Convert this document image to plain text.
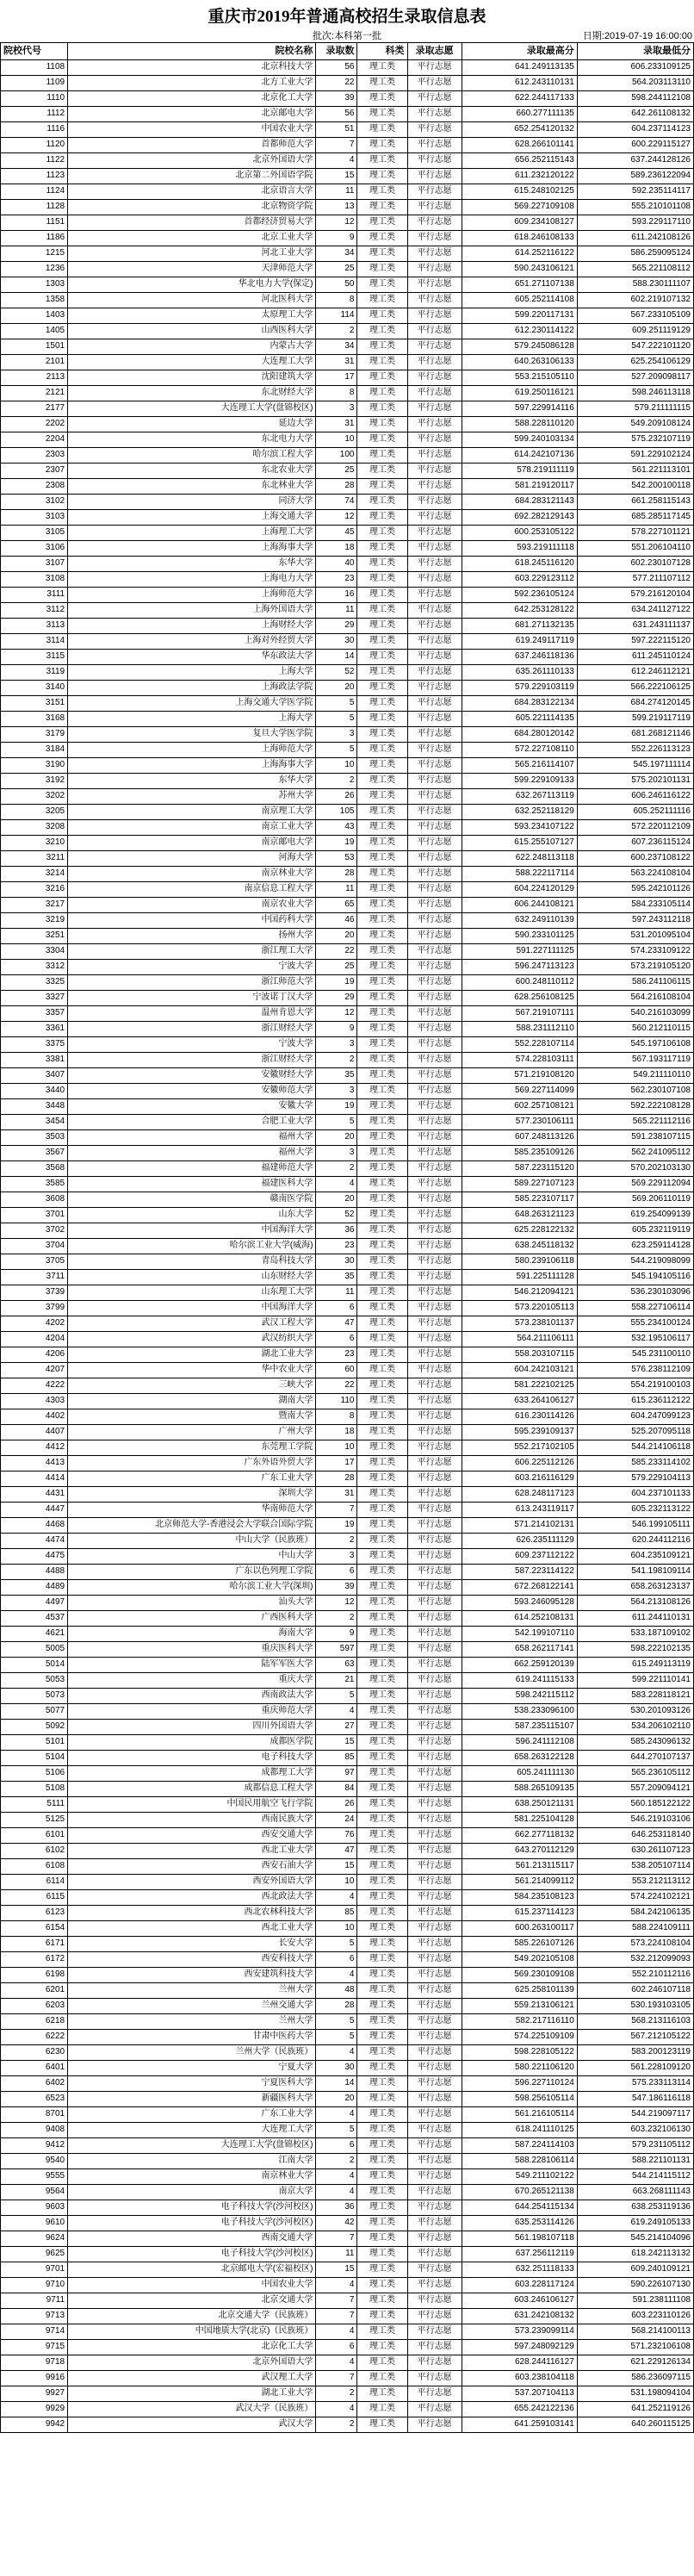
重庆市2019年普通高校招生录取信息表
批次:本科第一批	日期:2019-07-19 16:00:00
院校代号	院校名称	录取数	科类	录取志愿	录取最高分	录取最低分
1108	北京科技大学	56	理工类	平行志愿	641.249113135	606.233109125
1109	北方工业大学	22	理工类	平行志愿	612.243110131	564.203113110
1110	北京化工大学	39	理工类	平行志愿	622.244117133	598.244112108
1112	北京邮电大学	56	理工类	平行志愿	660.277111135	642.261108132
1116	中国农业大学	51	理工类	平行志愿	652.254120132	604.237114123
1120	首都师范大学	7	理工类	平行志愿	628.266101141	600.229115127
1122	北京外国语大学	4	理工类	平行志愿	656.252115143	637.244128126
1123	北京第二外国语学院	15	理工类	平行志愿	611.232120122	589.236122094
1124	北京语言大学	11	理工类	平行志愿	615.248102125	592.235114117
1128	北京物资学院	13	理工类	平行志愿	569.227109108	555.210101108
1151	首都经济贸易大学	12	理工类	平行志愿	609.234108127	593.229117110
1186	北京工业大学	9	理工类	平行志愿	618.246108133	611.242108126
1215	河北工业大学	34	理工类	平行志愿	614.252116122	586.259095124
1236	天津师范大学	25	理工类	平行志愿	590.243106121	565.221108112
1303	华北电力大学(保定)	50	理工类	平行志愿	651.271107138	588.230111107
1358	河北医科大学	8	理工类	平行志愿	605.252114108	602.219107132
1403	太原理工大学	114	理工类	平行志愿	599.220117131	567.233105109
1405	山西医科大学	2	理工类	平行志愿	612.230114122	609.251119129
1501	内蒙古大学	34	理工类	平行志愿	579.245086128	547.222101120
2101	大连理工大学	31	理工类	平行志愿	640.263106133	625.254106129
2113	沈阳建筑大学	17	理工类	平行志愿	553.215105110	527.209098117
2121	东北财经大学	8	理工类	平行志愿	619.250116121	598.246113118
2177	大连理工大学(盘锦校区)	3	理工类	平行志愿	597.229914116	579.211111115
2202	延边大学	31	理工类	平行志愿	588.228110120	549.209108124
2204	东北电力大学	10	理工类	平行志愿	599.240103134	575.232107119
2303	哈尔滨工程大学	100	理工类	平行志愿	614.242107136	591.229102124
2307	东北农业大学	25	理工类	平行志愿	578.219111119	561.221113101
2308	东北林业大学	28	理工类	平行志愿	581.219120117	542.200100118
3102	同济大学	74	理工类	平行志愿	684.283121143	661.258115143
3103	上海交通大学	12	理工类	平行志愿	692.282129143	685.285117145
3105	上海理工大学	45	理工类	平行志愿	600.253105122	578.227101121
3106	上海海事大学	18	理工类	平行志愿	593.219111118	551.206104110
3107	东华大学	40	理工类	平行志愿	618.245116120	602.230107128
3108	上海电力大学	23	理工类	平行志愿	603.229123112	577.211107112
3111	上海师范大学	16	理工类	平行志愿	592.236105124	579.216120104
3112	上海外国语大学	11	理工类	平行志愿	642.253128122	634.241127122
3113	上海财经大学	29	理工类	平行志愿	681.271132135	631.243111137
3114	上海对外经贸大学	30	理工类	平行志愿	619.249117119	597.222115120
3115	华东政法大学	14	理工类	平行志愿	637.246118136	611.245110124
3119	上海大学	52	理工类	平行志愿	635.261110133	612.246112121
3140	上海政法学院	20	理工类	平行志愿	579.229103119	566.222106125
3151	上海交通大学医学院	5	理工类	平行志愿	684.283122134	684.274120145
3168	上海大学	5	理工类	平行志愿	605.221114135	599.219117119
3179	复旦大学医学院	3	理工类	平行志愿	684.280120142	681.268121146
3184	上海师范大学	5	理工类	平行志愿	572.227108110	552.226113123
3190	上海海事大学	10	理工类	平行志愿	565.216114107	545.197111114
3192	东华大学	2	理工类	平行志愿	599.229109133	575.202101131
3202	苏州大学	26	理工类	平行志愿	632.267113119	606.246116122
3205	南京理工大学	105	理工类	平行志愿	632.252118129	605.252111116
3208	南京工业大学	43	理工类	平行志愿	593.234107122	572.220112109
3210	南京邮电大学	19	理工类	平行志愿	615.255107127	607.236115124
3211	河海大学	53	理工类	平行志愿	622.248113118	600.237108122
3214	南京林业大学	28	理工类	平行志愿	588.222117114	563.224108104
3216	南京信息工程大学	11	理工类	平行志愿	604.224120129	595.242101126
3217	南京农业大学	65	理工类	平行志愿	606.244108121	584.233105114
3219	中国药科大学	46	理工类	平行志愿	632.249110139	597.243112118
3251	扬州大学	20	理工类	平行志愿	590.233101125	531.201095104
3304	浙江理工大学	22	理工类	平行志愿	591.227111125	574.233109122
3312	宁波大学	25	理工类	平行志愿	596.247113123	573.219105120
3325	浙江师范大学	19	理工类	平行志愿	600.248110112	586.241106115
3327	宁波诺丁汉大学	29	理工类	平行志愿	628.256108125	564.216108104
3357	温州肯恩大学	12	理工类	平行志愿	567.219107111	540.216103099
3361	浙江财经大学	9	理工类	平行志愿	588.231112110	560.212110115
3375	宁波大学	3	理工类	平行志愿	552.228107114	545.197106108
3381	浙江财经大学	2	理工类	平行志愿	574.228103111	567.193117119
3407	安徽财经大学	35	理工类	平行志愿	571.219108120	549.211110110
3440	安徽师范大学	3	理工类	平行志愿	569.227114099	562.230107108
3448	安徽大学	19	理工类	平行志愿	602.257108121	592.222108128
3454	合肥工业大学	5	理工类	平行志愿	577.230106111	565.221112116
3503	福州大学	20	理工类	平行志愿	607.248113126	591.238107115
3567	福州大学	3	理工类	平行志愿	585.235109126	562.241095112
3568	福建师范大学	2	理工类	平行志愿	587.223115120	570.202103130
3585	福建医科大学	4	理工类	平行志愿	589.227107123	569.229112094
3608	赣南医学院	20	理工类	平行志愿	585.223107117	569.206110119
3701	山东大学	52	理工类	平行志愿	648.263121123	619.254099139
3702	中国海洋大学	36	理工类	平行志愿	625.228122132	605.232119119
3704	哈尔滨工业大学(威海)	23	理工类	平行志愿	638.245118132	623.259114128
3705	青岛科技大学	30	理工类	平行志愿	580.239106118	544.219098099
3711	山东财经大学	35	理工类	平行志愿	591.225111128	545.194105116
3739	山东理工大学	11	理工类	平行志愿	546.212094121	536.230103096
3799	中国海洋大学	6	理工类	平行志愿	573.220105113	558.227106114
4202	武汉工程大学	47	理工类	平行志愿	573.238101137	555.234100124
4204	武汉纺织大学	6	理工类	平行志愿	564.211106111	532.195106117
4206	湖北工业大学	23	理工类	平行志愿	558.203107115	545.231100110
4207	华中农业大学	60	理工类	平行志愿	604.242103121	576.238112109
4222	三峡大学	22	理工类	平行志愿	581.222102125	554.219100103
4303	湖南大学	110	理工类	平行志愿	633.264106127	615.236112122
4402	暨南大学	8	理工类	平行志愿	616.230114126	604.247099123
4407	广州大学	18	理工类	平行志愿	595.239109137	525.207095118
4412	东莞理工学院	10	理工类	平行志愿	552.217102105	544.214106118
4413	广东外语外贸大学	17	理工类	平行志愿	606.225112126	585.233114102
4414	广东工业大学	28	理工类	平行志愿	603.216116129	579.229104113
4431	深圳大学	31	理工类	平行志愿	628.248117123	604.237101133
4447	华南师范大学	7	理工类	平行志愿	613.243119117	605.232113122
4468	北京师范大学-香港浸会大学联合国际学院	19	理工类	平行志愿	571.214102131	546.199105111
4474	中山大学（民族班）	2	理工类	平行志愿	626.235111129	620.244112116
4475	中山大学	3	理工类	平行志愿	609.237112122	604.235109121
4488	广东以色列理工学院	6	理工类	平行志愿	587.223114122	541.198109114
4489	哈尔滨工业大学(深圳)	39	理工类	平行志愿	672.268122141	658.263123137
4497	汕头大学	12	理工类	平行志愿	593.246095128	564.213108126
4537	广西医科大学	2	理工类	平行志愿	614.252108131	611.244110131
4621	海南大学	9	理工类	平行志愿	542.199107110	533.187109102
5005	重庆医科大学	597	理工类	平行志愿	658.262117141	598.222102135
5014	陆军军医大学	63	理工类	平行志愿	662.259120139	615.249113119
5053	重庆大学	21	理工类	平行志愿	619.241115133	599.221110141
5073	西南政法大学	5	理工类	平行志愿	598.242115112	583.228118121
5077	重庆师范大学	4	理工类	平行志愿	538.233096100	530.201093126
5092	四川外国语大学	27	理工类	平行志愿	587.235115107	534.206102110
5101	成都医学院	15	理工类	平行志愿	596.241112108	585.243096132
5104	电子科技大学	85	理工类	平行志愿	658.263122128	644.270107137
5106	成都理工大学	97	理工类	平行志愿	605.241111130	565.236105112
5108	成都信息工程大学	84	理工类	平行志愿	588.265109135	557.209094121
5111	中国民用航空飞行学院	26	理工类	平行志愿	638.250121131	560.185122122
5125	西南民族大学	24	理工类	平行志愿	581.225104128	546.219103106
6101	西安交通大学	76	理工类	平行志愿	662.277118132	646.253118140
6102	西北工业大学	47	理工类	平行志愿	643.270112129	630.261107123
6108	西安石油大学	15	理工类	平行志愿	561.213115117	538.205107114
6114	西安外国语大学	10	理工类	平行志愿	561.214099112	553.212113112
6115	西北政法大学	4	理工类	平行志愿	584.235108123	574.224102121
6123	西北农林科技大学	85	理工类	平行志愿	615.237114123	584.242106135
6154	西北工业大学	10	理工类	平行志愿	600.263100117	588.224109111
6171	长安大学	5	理工类	平行志愿	585.226107126	573.224108104
6172	西安科技大学	6	理工类	平行志愿	549.202105108	532.212099093
6198	西安建筑科技大学	4	理工类	平行志愿	569.230109108	552.210112116
6201	兰州大学	48	理工类	平行志愿	625.258101139	602.246107118
6203	兰州交通大学	28	理工类	平行志愿	559.213106121	530.193103105
6218	兰州大学	5	理工类	平行志愿	582.217116110	568.213116103
6222	甘肃中医药大学	5	理工类	平行志愿	574.225109109	567.212105122
6230	兰州大学（民族班）	4	理工类	平行志愿	598.228105122	583.200123119
6401	宁夏大学	30	理工类	平行志愿	580.221106120	561.228109120
6402	宁夏医科大学	14	理工类	平行志愿	596.227110124	575.233113114
6523	新疆医科大学	20	理工类	平行志愿	598.256105114	547.186116118
8701	广东工业大学	4	理工类	平行志愿	561.216105114	544.219097117
9408	大连理工大学	5	理工类	平行志愿	618.241110125	603.232106130
9412	大连理工大学(盘锦校区)	6	理工类	平行志愿	587.224114103	579.231105112
9540	江南大学	2	理工类	平行志愿	588.228106114	588.221101131
9555	南京林业大学	4	理工类	平行志愿	549.211102122	544.214115112
9564	南京大学	4	理工类	平行志愿	670.265121138	663.268111143
9603	电子科技大学(沙河校区)	36	理工类	平行志愿	644.254115134	638.253119136
9610	电子科技大学(沙河校区)	42	理工类	平行志愿	635.253114126	619.249105133
9624	西南交通大学	7	理工类	平行志愿	561.198107118	545.214104096
9625	电子科技大学(沙河校区)	11	理工类	平行志愿	637.256112119	618.242113132
9701	北京邮电大学(宏福校区)	15	理工类	平行志愿	632.251118133	609.240109121
9710	中国农业大学	4	理工类	平行志愿	603.228117124	590.226107130
9711	北京交通大学	7	理工类	平行志愿	603.246106127	591.238111108
9713	北京交通大学（民族班）	7	理工类	平行志愿	631.242108132	603.223110126
9714	中国地质大学(北京)（民族班）	4	理工类	平行志愿	573.239099114	568.214100113
9715	北京化工大学	6	理工类	平行志愿	597.248092129	571.232106108
9718	北京外国语大学	4	理工类	平行志愿	628.244116127	621.229126134
9916	武汉理工大学	7	理工类	平行志愿	603.238104118	586.236097115
9927	湖北工业大学	2	理工类	平行志愿	537.207104113	531.198094104
9929	武汉大学（民族班）	4	理工类	平行志愿	655.242122136	641.252119126
9942	武汉大学	2	理工类	平行志愿	641.259103141	640.260115125
